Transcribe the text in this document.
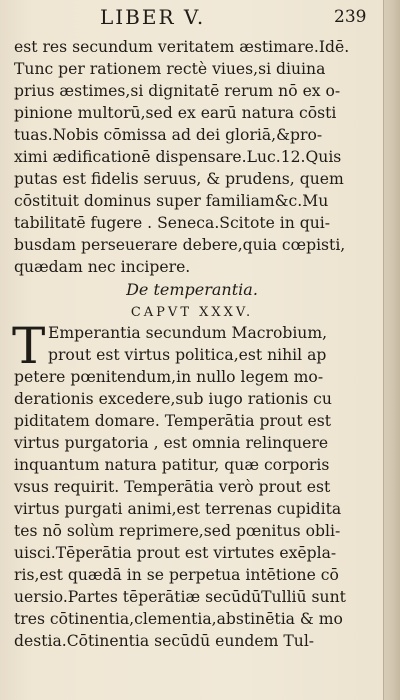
LIBER V.	239
est res secundum veritatem æstimare.Idē.
Tunc per rationem rectè viues,si diuina
prius æstimes,si dignitatē rerum nō ex o-
pinione multorū,sed ex earū natura cōsti
tuas.Nobis cōmissa ad dei gloriā,&pro-
ximi ædificationē dispensare.Luc.12.Quis
putas est fidelis seruus, & prudens, quem
cōstituit dominus super familiam&c.Mu
tabilitatē fugere . Seneca.Scitote in qui-
busdam perseuerare debere,quia cœpisti,
quædam nec incipere.
De temperantia.
CAPVT XXXV.
T Emperantia secundum Macrobium,
prout est virtus politica,est nihil ap
petere pœnitendum,in nullo legem mo-
derationis excedere,sub iugo rationis cu
piditatem domare. Temperātia prout est
virtus purgatoria , est omnia relinquere
inquantum natura patitur, quæ corporis
vsus requirit. Temperātia verò prout est
virtus purgati animi,est terrenas cupidita
tes nō solùm reprimere,sed pœnitus obli-
uisci.Tēperātia prout est virtutes exēpla-
ris,est quædā in se perpetua intētione cō
uersio.Partes tēperātiæ secūdūTulliū sunt
tres cōtinentia,clementia,abstinētia & mo
destia.Cōtinentia secūdū eundem Tul-
